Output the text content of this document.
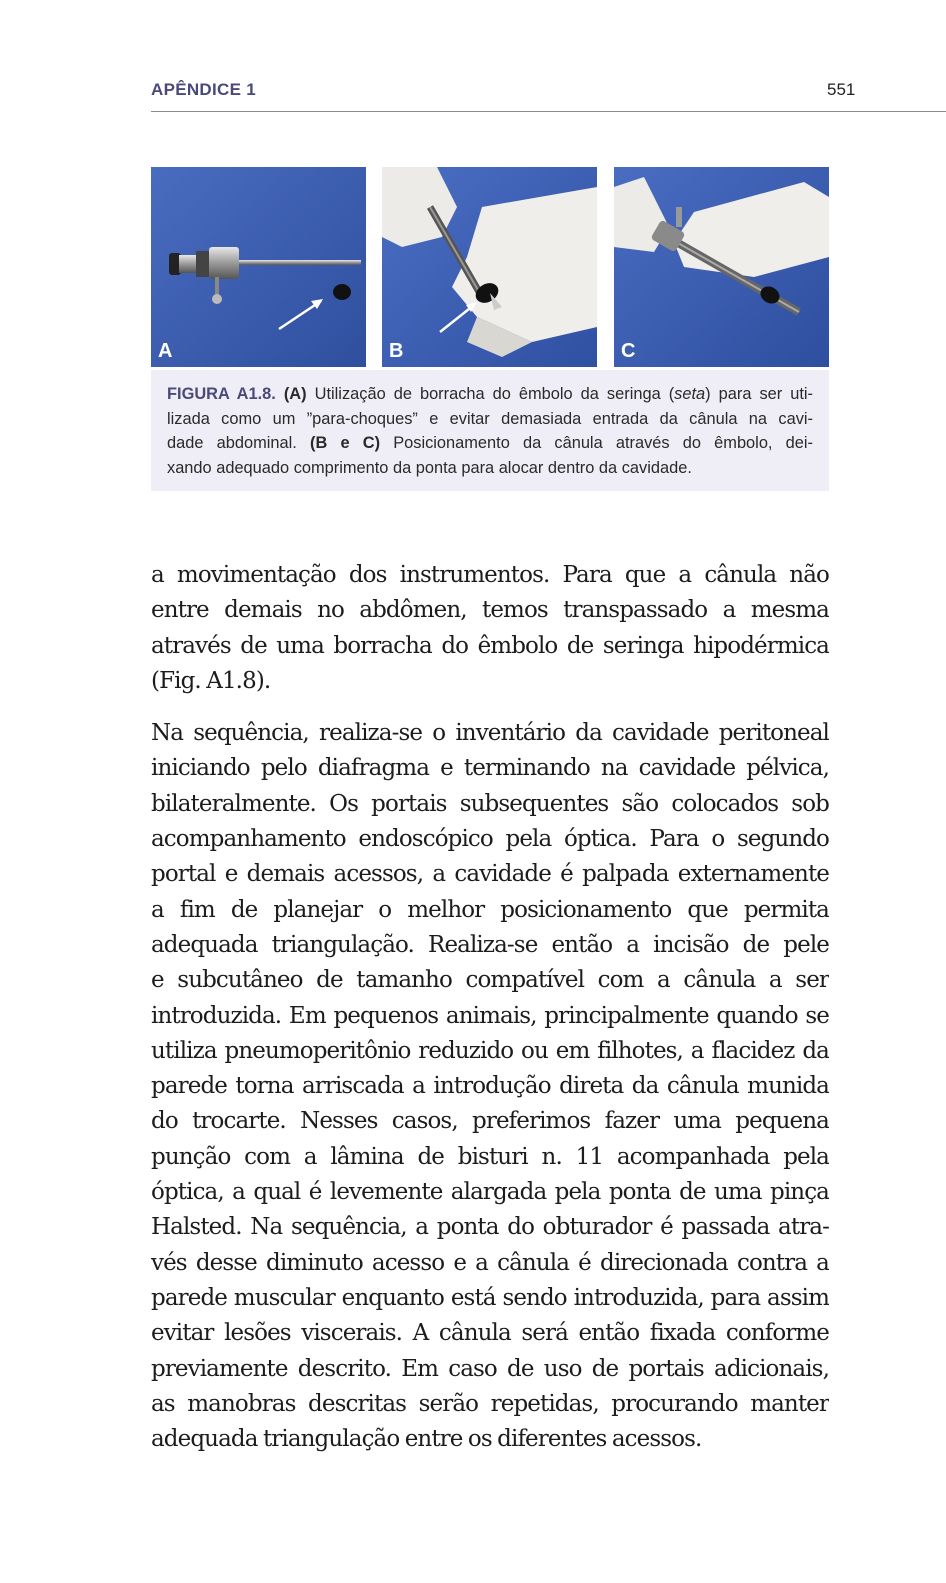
APÊNDICE 1	551
A	B	C
FIGURA A1.8. (A) Utilização de borracha do êmbolo da seringa (seta) para ser uti-
lizada como um ”para-choques” e evitar demasiada entrada da cânula na cavi-
dade abdominal. (B e C) Posicionamento da cânula através do êmbolo, dei-
xando adequado comprimento da ponta para alocar dentro da cavidade.
a movimentação dos instrumentos. Para que a cânula não
entre demais no abdômen, temos transpassado a mesma
através de uma borracha do êmbolo de seringa hipodérmica
(Fig. A1.8).
Na sequência, realiza-se o inventário da cavidade peritoneal
iniciando pelo diafragma e terminando na cavidade pélvica,
bilateralmente. Os portais subsequentes são colocados sob
acompanhamento endoscópico pela óptica. Para o segundo
portal e demais acessos, a cavidade é palpada externamente
a fim de planejar o melhor posicionamento que permita
adequada triangulação. Realiza-se então a incisão de pele
e subcutâneo de tamanho compatível com a cânula a ser
introduzida. Em pequenos animais, principalmente quando se
utiliza pneumoperitônio reduzido ou em filhotes, a flacidez da
parede torna arriscada a introdução direta da cânula munida
do trocarte. Nesses casos, preferimos fazer uma pequena
punção com a lâmina de bisturi n. 11 acompanhada pela
óptica, a qual é levemente alargada pela ponta de uma pinça
Halsted. Na sequência, a ponta do obturador é passada atra-
vés desse diminuto acesso e a cânula é direcionada contra a
parede muscular enquanto está sendo introduzida, para assim
evitar lesões viscerais. A cânula será então fixada conforme
previamente descrito. Em caso de uso de portais adicionais,
as manobras descritas serão repetidas, procurando manter
adequada triangulação entre os diferentes acessos.
